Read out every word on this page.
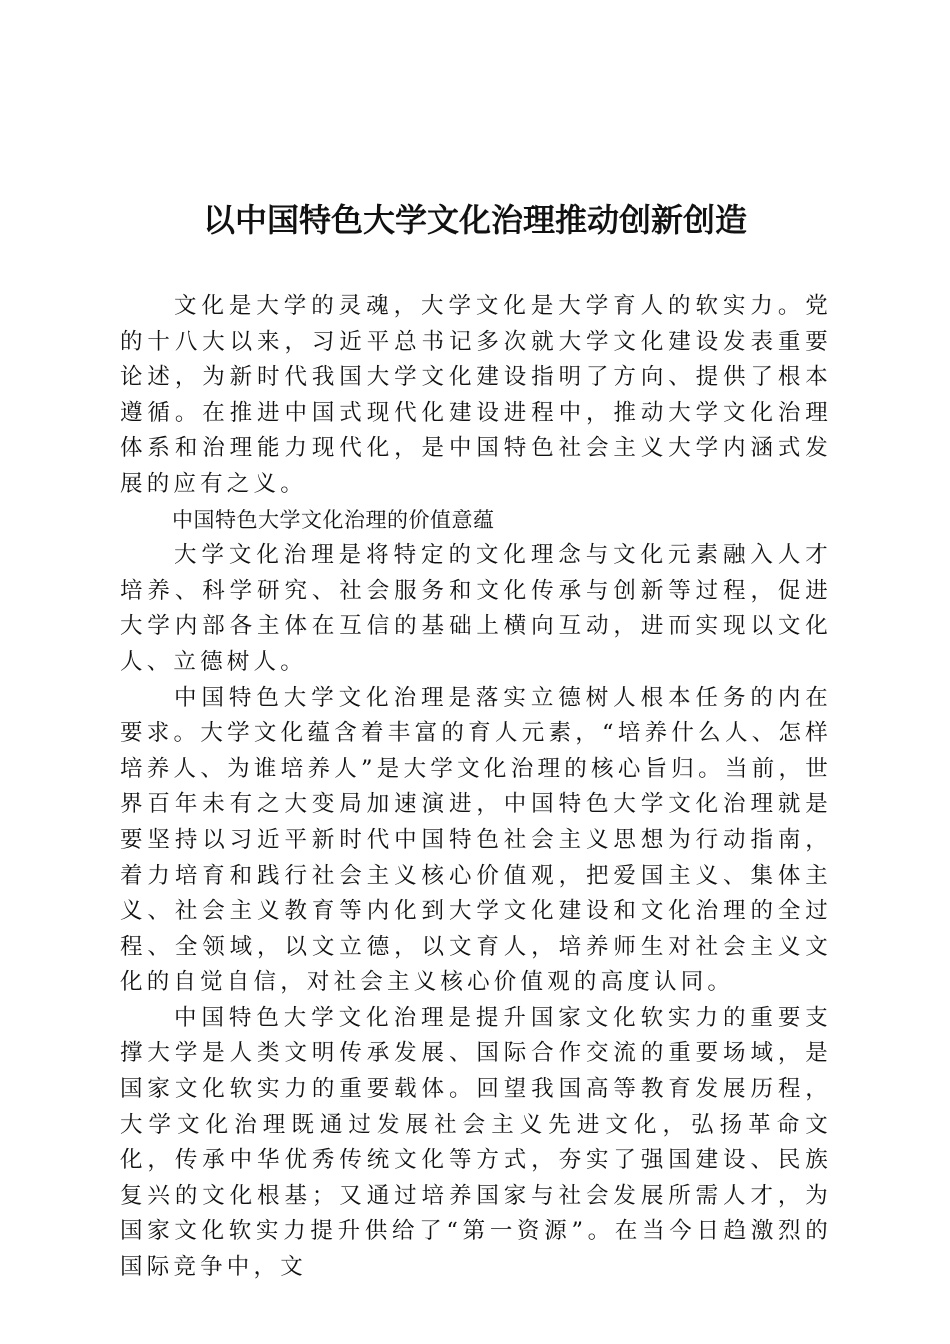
以中国特色大学文化治理推动创新创造

文化是大学的灵魂，大学文化是大学育人的软实力。党的十八大以来，习近平总书记多次就大学文化建设发表重要论述，为新时代我国大学文化建设指明了方向、提供了根本遵循。在推进中国式现代化建设进程中，推动大学文化治理体系和治理能力现代化，是中国特色社会主义大学内涵式发展的应有之义。

中国特色大学文化治理的价值意蕴

大学文化治理是将特定的文化理念与文化元素融入人才培养、科学研究、社会服务和文化传承与创新等过程，促进大学内部各主体在互信的基础上横向互动，进而实现以文化人、立德树人。

中国特色大学文化治理是落实立德树人根本任务的内在要求。大学文化蕴含着丰富的育人元素，“培养什么人、怎样培养人、为谁培养人”是大学文化治理的核心旨归。当前，世界百年未有之大变局加速演进，中国特色大学文化治理就是要坚持以习近平新时代中国特色社会主义思想为行动指南，着力培育和践行社会主义核心价值观，把爱国主义、集体主义、社会主义教育等内化到大学文化建设和文化治理的全过程、全领域，以文立德，以文育人，培养师生对社会主义文化的自觉自信，对社会主义核心价值观的高度认同。

中国特色大学文化治理是提升国家文化软实力的重要支撑大学是人类文明传承发展、国际合作交流的重要场域，是国家文化软实力的重要载体。回望我国高等教育发展历程，大学文化治理既通过发展社会主义先进文化，弘扬革命文化，传承中华优秀传统文化等方式，夯实了强国建设、民族复兴的文化根基；又通过培养国家与社会发展所需人才，为国家文化软实力提升供给了“第一资源”。在当今日趋激烈的国际竞争中，文
